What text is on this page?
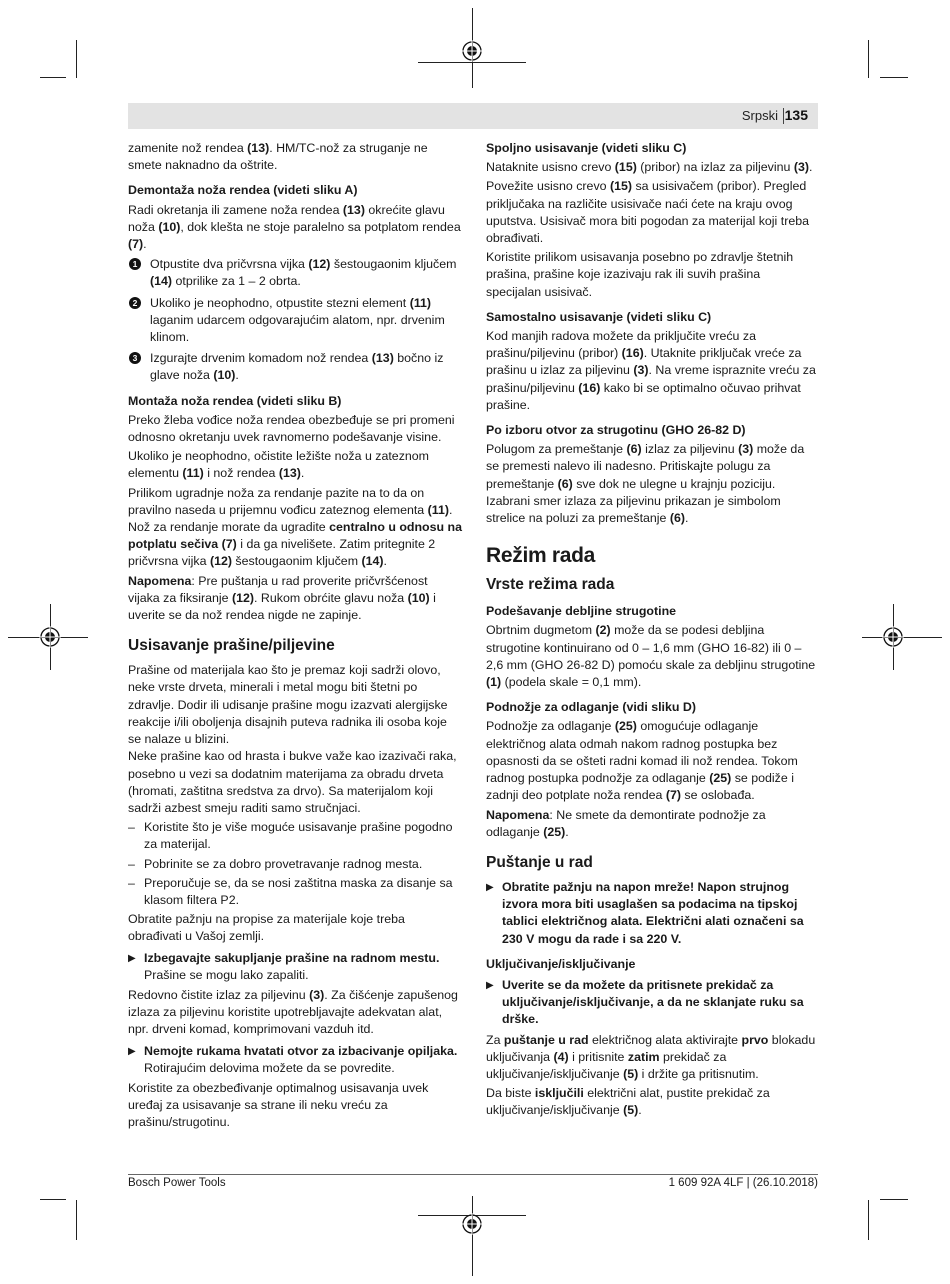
Srpski 135

zamenite nož rendea (13). HM/TC-nož za struganje ne smete naknadno da oštrite.

Demontaža noža rendea (videti sliku A)

Radi okretanja ili zamene noža rendea (13) okrećite glavu noža (10), dok klešta ne stoje paralelno sa potplatom rendea (7).

1 Otpustite dva pričvrsna vijka (12) šestougaonim ključem (14) otprilike za 1 – 2 obrta.
2 Ukoliko je neophodno, otpustite stezni element (11) laganim udarcem odgovarajućim alatom, npr. drvenim klinom.
3 Izgurajte drvenim komadom nož rendea (13) bočno iz glave noža (10).
Montaža noža rendea (videti sliku B)

Preko žleba vođice noža rendea obezbeđuje se pri promeni odnosno okretanju uvek ravnomerno podešavanje visine.

Ukoliko je neophodno, očistite ležište noža u zateznom elementu (11) i nož rendea (13).

Prilikom ugradnje noža za rendanje pazite na to da on pravilno naseda u prijemnu vođicu zateznog elementa (11).

Nož za rendanje morate da ugradite centralno u odnosu na potplatu sečiva (7) i da ga nivelišete. Zatim pritegnite 2 pričvrsna vijka (12) šestougaonim ključem (14).

Napomena: Pre puštanja u rad proverite pričvršćenost vijaka za fiksiranje (12). Rukom obrćite glavu noža (10) i uverite se da nož rendea nigde ne zapinje.

Usisavanje prašine/piljevine

Prašine od materijala kao što je premaz koji sadrži olovo, neke vrste drveta, minerali i metal mogu biti štetni po zdravlje. Dodir ili udisanje prašine mogu izazvati alergijske reakcije i/ili oboljenja disajnih puteva radnika ili osoba koje se nalaze u blizini.

Neke prašine kao od hrasta i bukve važe kao izazivači raka, posebno u vezi sa dodatnim materijama za obradu drveta (hromati, zaštitna sredstva za drvo). Sa materijalom koji sadrži azbest smeju raditi samo stručnjaci.

– Koristite što je više moguće usisavanje prašine pogodno za materijal.
– Pobrinite se za dobro provetravanje radnog mesta.
– Preporučuje se, da se nosi zaštitna maska za disanje sa klasom filtera P2.

Obratite pažnju na propise za materijale koje treba obrađivati u Vašoj zemlji.

▶ Izbegavajte sakupljanje prašine na radnom mestu.
Prašine se mogu lako zapaliti.

Redovno čistite izlaz za piljevinu (3). Za čišćenje zapušenog izlaza za piljevinu koristite upotrebljavajte adekvatan alat, npr. drveni komad, komprimovani vazduh itd.

▶ Nemojte rukama hvatati otvor za izbacivanje opiljaka.
Rotirajućim delovima možete da se povredite.

Koristite za obezbeđivanje optimalnog usisavanja uvek uređaj za usisavanje sa strane ili neku vreću za prašinu/strugotinu.

Spoljno usisavanje (videti sliku C)

Nataknite usisno crevo (15) (pribor) na izlaz za piljevinu (3).

Povežite usisno crevo (15) sa usisivačem (pribor). Pregled priključaka na različite usisivače naći ćete na kraju ovog uputstva. Usisivač mora biti pogodan za materijal koji treba obrađivati.

Koristite prilikom usisavanja posebno po zdravlje štetnih prašina, prašine koje izazivaju rak ili suvih prašina specijalan usisivač.

Samostalno usisavanje (videti sliku C)

Kod manjih radova možete da priključite vreću za prašinu/piljevinu (pribor) (16). Utaknite priključak vreće za prašinu u izlaz za piljevinu (3). Na vreme ispraznite vreću za prašinu/piljevinu (16) kako bi se optimalno očuvao prihvat prašine.

Po izboru otvor za strugotinu (GHO 26-82 D)

Polugom za premeštanje (6) izlaz za piljevinu (3) može da se premesti nalevo ili nadesno. Pritiskajte polugu za premeštanje (6) sve dok ne ulegne u krajnju poziciju. Izabrani smer izlaza za piljevinu prikazan je simbolom strelice na poluzi za premeštanje (6).

Režim rada
Vrste režima rada
Podešavanje debljine strugotine

Obrtnim dugmetom (2) može da se podesi debljina strugotine kontinuirano od 0 – 1,6 mm (GHO 16-82) ili 0 – 2,6 mm (GHO 26-82 D) pomoću skale za debljinu strugotine (1) (podela skale = 0,1 mm).

Podnožje za odlaganje (vidi sliku D)

Podnožje za odlaganje (25) omogućuje odlaganje električnog alata odmah nakom radnog postupka bez opasnosti da se ošteti radni komad ili nož rendea. Tokom radnog postupka podnožje za odlaganje (25) se podiže i zadnji deo potplate noža rendea (7) se oslobađa.

Napomena: Ne smete da demontirate podnožje za odlaganje (25).

Puštanje u rad
▶ Obratite pažnju na napon mreže! Napon strujnog izvora mora biti usaglašen sa podacima na tipskoj tablici električnog alata. Električni alati označeni sa 230 V mogu da rade i sa 220 V.
Uključivanje/isključivanje
▶ Uverite se da možete da pritisnete prekidač za uključivanje/isključivanje, a da ne sklanjate ruku sa drške.

Za puštanje u rad električnog alata aktivirajte prvo blokadu uključivanja (4) i pritisnite zatim prekidač za uključivanje/isključivanje (5) i držite ga pritisnutim.

Da biste isključili električni alat, pustite prekidač za uključivanje/isključivanje (5).

Bosch Power Tools	1 609 92A 4LF | (26.10.2018)
